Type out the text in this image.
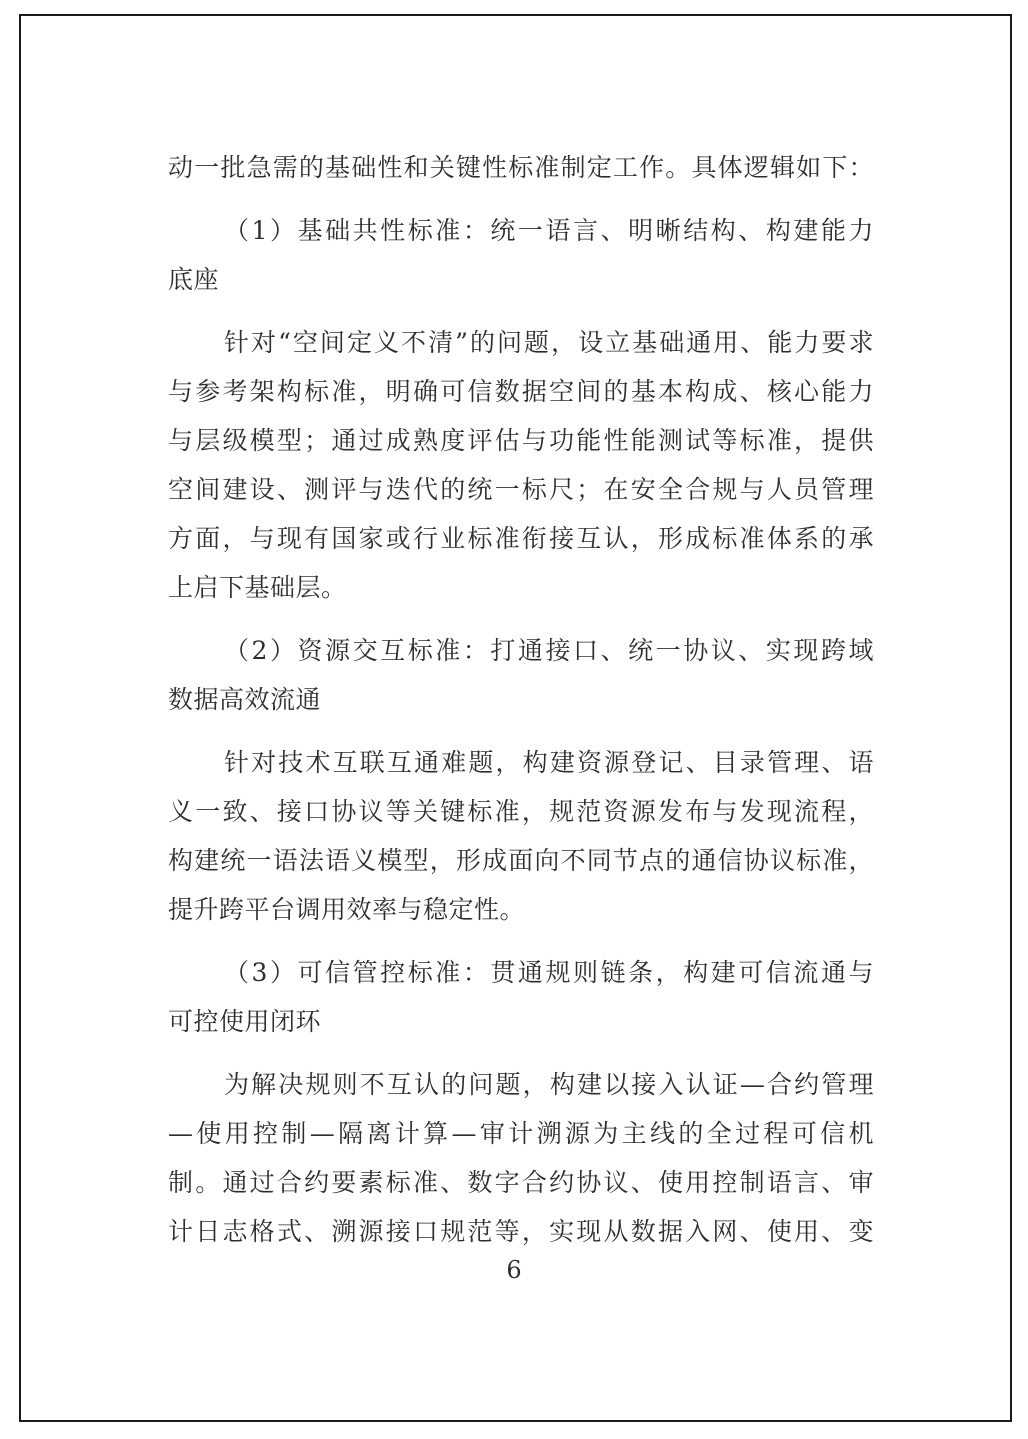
动一批急需的基础性和关键性标准制定工作。具体逻辑如下：
（1）基础共性标准：统一语言、明晰结构、构建能力
底座
针对“空间定义不清”的问题，设立基础通用、能力要求
与参考架构标准，明确可信数据空间的基本构成、核心能力
与层级模型；通过成熟度评估与功能性能测试等标准，提供
空间建设、测评与迭代的统一标尺；在安全合规与人员管理
方面，与现有国家或行业标准衔接互认，形成标准体系的承
上启下基础层。
（2）资源交互标准：打通接口、统一协议、实现跨域
数据高效流通
针对技术互联互通难题，构建资源登记、目录管理、语
义一致、接口协议等关键标准，规范资源发布与发现流程，
构建统一语法语义模型，形成面向不同节点的通信协议标准，
提升跨平台调用效率与稳定性。
（3）可信管控标准：贯通规则链条，构建可信流通与
可控使用闭环
为解决规则不互认的问题，构建以接入认证—合约管理
—使用控制—隔离计算—审计溯源为主线的全过程可信机
制。通过合约要素标准、数字合约协议、使用控制语言、审
计日志格式、溯源接口规范等，实现从数据入网、使用、变
6
